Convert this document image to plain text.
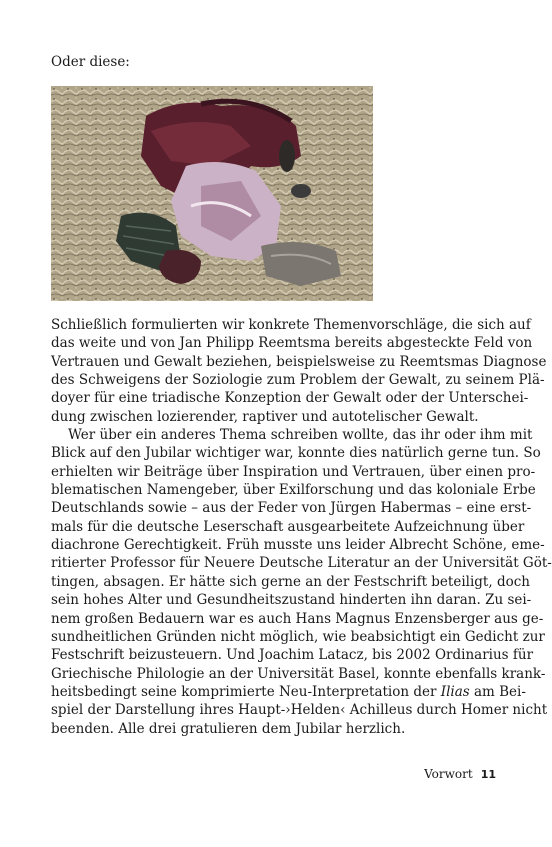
Oder diese:

Schließlich formulierten wir konkrete Themenvorschläge, die sich auf
das weite und von Jan Philipp Reemtsma bereits abgesteckte Feld von
Vertrauen und Gewalt beziehen, beispielsweise zu Reemtsmas Diagnose
des Schweigens der Soziologie zum Problem der Gewalt, zu seinem Plä-
doyer für eine triadische Konzeption der Gewalt oder der Unterschei-
dung zwischen lozierender, raptiver und autotelischer Gewalt.
Wer über ein anderes Thema schreiben wollte, das ihr oder ihm mit
Blick auf den Jubilar wichtiger war, konnte dies natürlich gerne tun. So
erhielten wir Beiträge über Inspiration und Vertrauen, über einen pro-
blematischen Namengeber, über Exilforschung und das koloniale Erbe
Deutschlands sowie – aus der Feder von Jürgen Habermas – eine erst-
mals für die deutsche Leserschaft ausgearbeitete Aufzeichnung über
diachrone Gerechtigkeit. Früh musste uns leider Albrecht Schöne, eme-
ritierter Professor für Neuere Deutsche Literatur an der Universität Göt-
tingen, absagen. Er hätte sich gerne an der Festschrift beteiligt, doch
sein hohes Alter und Gesundheitszustand hinderten ihn daran. Zu sei-
nem großen Bedauern war es auch Hans Magnus Enzensberger aus ge-
sundheitlichen Gründen nicht möglich, wie beabsichtigt ein Gedicht zur
Festschrift beizusteuern. Und Joachim Latacz, bis 2002 Ordinarius für
Griechische Philologie an der Universität Basel, konnte ebenfalls krank-
heitsbedingt seine komprimierte Neu-Interpretation der Ilias am Bei-
spiel der Darstellung ihres Haupt-›Helden‹ Achilleus durch Homer nicht
beenden. Alle drei gratulieren dem Jubilar herzlich.
Vorwort 11
